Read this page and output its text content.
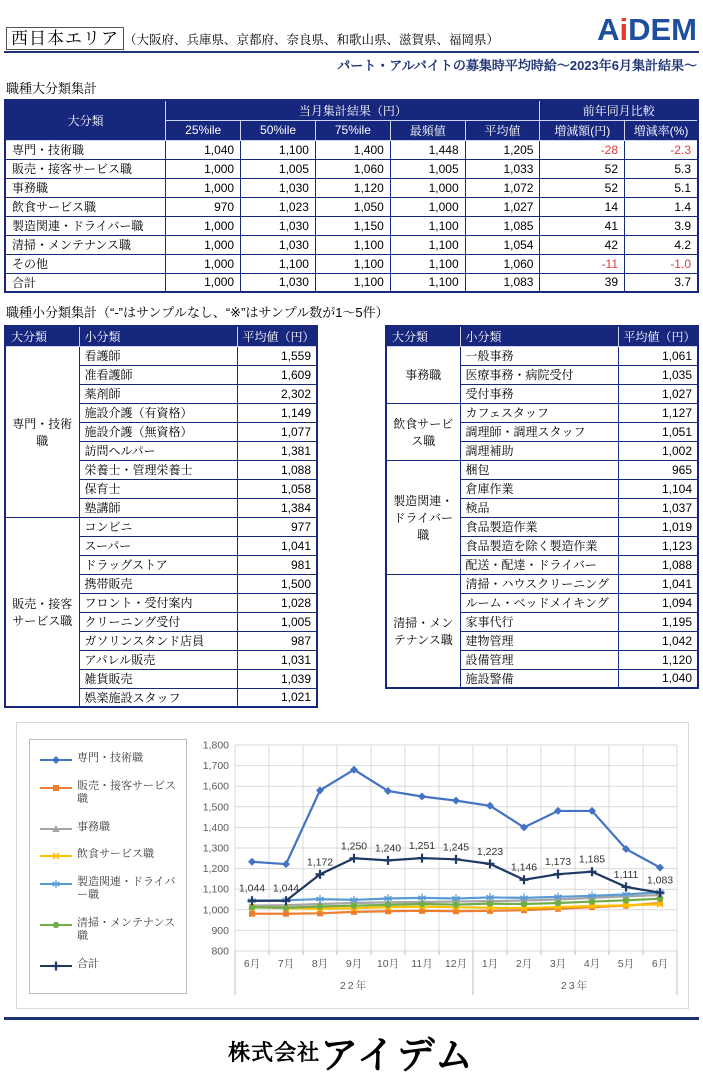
西日本エリア （大阪府、兵庫県、京都府、奈良県、和歌山県、滋賀県、福岡県）	AiDEM
パート・アルバイトの募集時平均時給～2023年6月集計結果～
職種大分類集計
大分類	当月集計結果（円）					前年同月比較	
	25%ile	50%ile	75%ile	最頻値	平均値	増減額(円)	増減率(%)
専門・技術職	1,040	1,100	1,400	1,448	1,205	-28	-2.3
販売・接客サービス職	1,000	1,005	1,060	1,005	1,033	52	5.3
事務職	1,000	1,030	1,120	1,000	1,072	52	5.1
飲食サービス職	970	1,023	1,050	1,000	1,027	14	1.4
製造関連・ドライバー職	1,000	1,030	1,150	1,100	1,085	41	3.9
清掃・メンテナンス職	1,000	1,030	1,100	1,100	1,054	42	4.2
その他	1,000	1,100	1,100	1,100	1,060	-11	-1.0
合計	1,000	1,030	1,100	1,100	1,083	39	3.7
職種小分類集計（“-”はサンプルなし、“※”はサンプル数が1～5件）
大分類	小分類	平均値（円）
専門・技術職	看護師	1,559
	准看護師	1,609
	薬剤師	2,302
	施設介護（有資格）	1,149
	施設介護（無資格）	1,077
	訪問ヘルパー	1,381
	栄養士・管理栄養士	1,088
	保育士	1,058
	塾講師	1,384
販売・接客サービス職	コンビニ	977
	スーパー	1,041
	ドラッグストア	981
	携帯販売	1,500
	フロント・受付案内	1,028
	クリーニング受付	1,005
	ガソリンスタンド店員	987
	アパレル販売	1,031
	雑貨販売	1,039
	娯楽施設スタッフ	1,021
大分類	小分類	平均値（円）
事務職	一般事務	1,061
	医療事務・病院受付	1,035
	受付事務	1,027
飲食サービス職	カフェスタッフ	1,127
	調理師・調理スタッフ	1,051
	調理補助	1,002
製造関連・ドライバー職	梱包	965
	倉庫作業	1,104
	検品	1,037
	食品製造作業	1,019
	食品製造を除く製造作業	1,123
	配送・配達・ドライバー	1,088
清掃・メンテナンス職	清掃・ハウスクリーニング	1,041
	ルーム・ベッドメイキング	1,094
	家事代行	1,195
	建物管理	1,042
	設備管理	1,120
	施設警備	1,040
専門・技術職
販売・接客サービス職
事務職
飲食サービス職
製造関連・ドライバー職
清掃・メンテナンス職
合計
800
900
1,000
1,100
1,200
1,300
1,400
1,500
1,600
1,700
1,800
6月 7月 8月 9月 10月 11月 12月 1月 2月 3月 4月 5月 6月
22年	23年
1,044 1,044
1,172
1,250 1,240 1,251 1,245 1,223
1,146 1,173 1,185
1,111 1,083
株式会社アイデム
